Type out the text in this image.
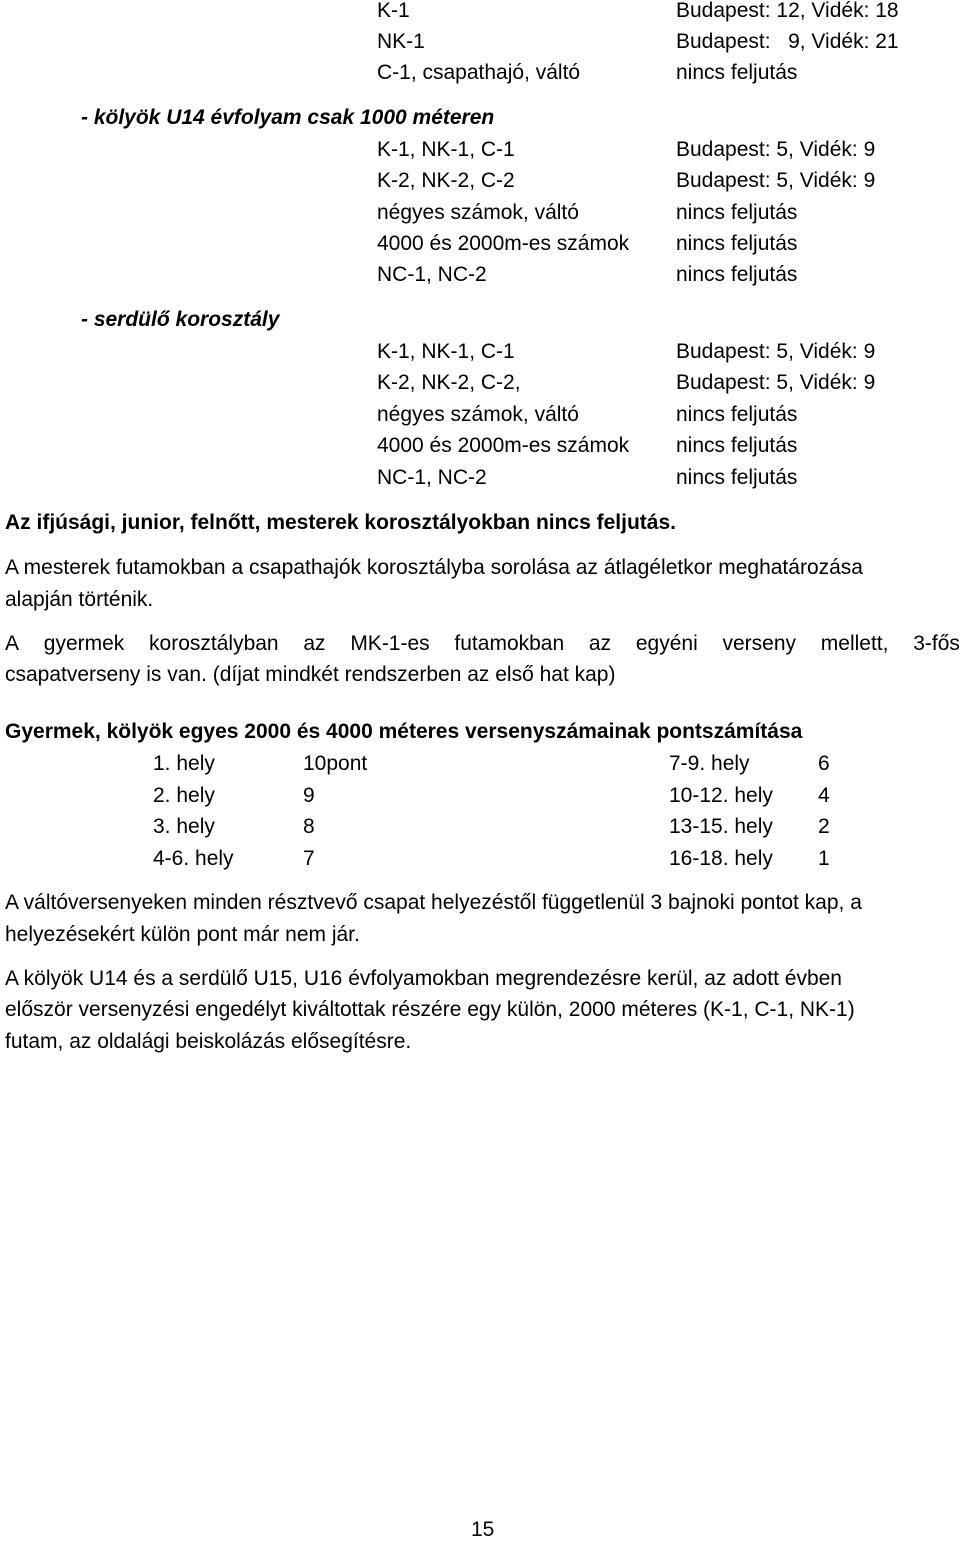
K-1	Budapest: 12, Vidék: 18
NK-1	Budapest:   9, Vidék: 21
C-1, csapathajó, váltó	nincs feljutás
- kölyök U14 évfolyam csak 1000 méteren
K-1, NK-1, C-1	Budapest: 5, Vidék: 9
K-2, NK-2, C-2	Budapest: 5, Vidék: 9
négyes számok, váltó	nincs feljutás
4000 és 2000m-es számok nincs feljutás
NC-1, NC-2	nincs feljutás
- serdülő korosztály
K-1, NK-1, C-1	Budapest: 5, Vidék: 9
K-2, NK-2, C-2,	Budapest: 5, Vidék: 9
négyes számok, váltó	nincs feljutás
4000 és 2000m-es számok nincs feljutás
NC-1, NC-2	nincs feljutás
Az ifjúsági, junior, felnőtt, mesterek korosztályokban nincs feljutás.
A mesterek futamokban a csapathajók korosztályba sorolása az átlagéletkor meghatározása
alapján történik.
A gyermek korosztályban az MK-1-es futamokban az egyéni verseny mellett, 3-fős
csapatverseny is van. (díjat mindkét rendszerben az első hat kap)
Gyermek, kölyök egyes 2000 és 4000 méteres versenyszámainak pontszámítása
1. hely	10pont	7-9. hely	6
2. hely	9	10-12. hely 4
3. hely	8	13-15. hely 2
4-6. hely	7	16-18. hely 1
A váltóversenyeken minden résztvevő csapat helyezéstől függetlenül 3 bajnoki pontot kap, a
helyezésekért külön pont már nem jár.
A kölyök U14 és a serdülő U15, U16 évfolyamokban megrendezésre kerül, az adott évben
először versenyzési engedélyt kiváltottak részére egy külön, 2000 méteres (K-1, C-1, NK-1)
futam, az oldalági beiskolázás elősegítésre.
15
